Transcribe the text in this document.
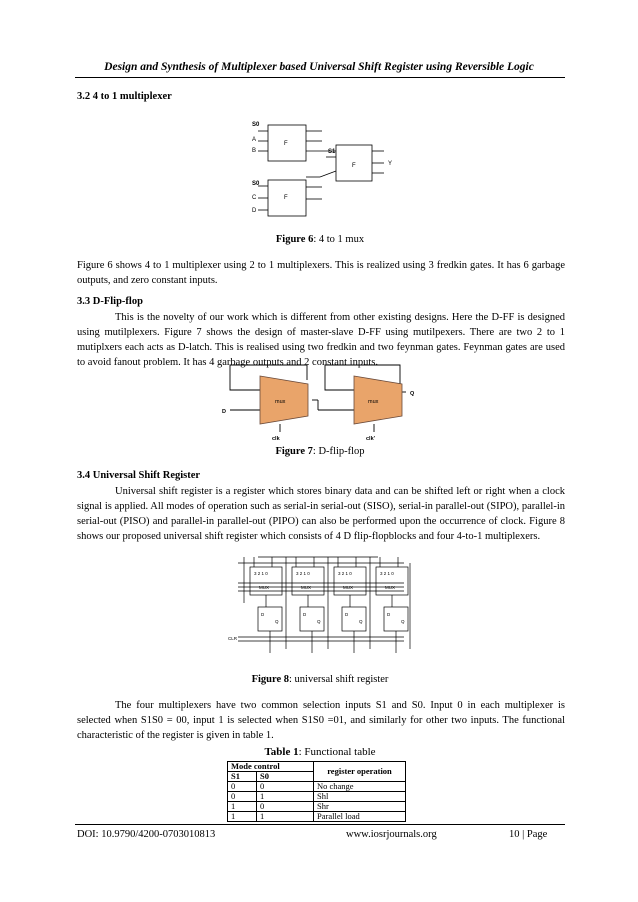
Design and Synthesis of Multiplexer based Universal Shift Register using Reversible Logic
3.2 4 to 1 multiplexer
S0
A
B
F
S1
F	Y
S0
C
D
F
Figure 6: 4 to 1 mux
Figure 6 shows 4 to 1 multiplexer using 2 to 1 multiplexers. This is realized using 3 fredkin gates. It has 6 garbage outputs, and zero constant inputs.
3.3 D-Flip-flop
This is the novelty of our work which is different from other existing designs. Here the D-FF is designed using mutilplexers. Figure 7 shows the design of master-slave D-FF using mutilpexers. There are two 2 to 1 mutiplxers each acts as D-latch. This is realised using two fredkin and two feynman gates. Feynman gates are used to avoid fanout problem. It has 4 garbage outputs and 2 constant inputs.
mux	mux
D
Q
clk	clk'
Figure 7: D-flip-flop
3.4 Universal Shift Register
Universal shift register is a register which stores binary data and can be shifted left or right when a clock signal is applied. All modes of operation such as serial-in serial-out (SISO), serial-in parallel-out (SIPO), parallel-in serial-out (PISO) and parallel-in parallel-out (PIPO) can also be performed upon the occurrence of clock. Figure 8 shows our proposed universal shift register which consists of 4 D flip-flopblocks and four 4-to-1 multiplexers.
3 2 1 0	3 2 1 0	3 2 1 0	3 2 1 0
MUX	MUX	MUX	MUX
D
Q
D
Q
D
Q
D
Q
CLR
Figure 8: universal shift register
The four multiplexers have two common selection inputs S1 and S0. Input 0 in each multiplexer is selected when S1S0 = 00, input 1 is selected when S1S0 =01, and similarly for other two inputs. The functional characteristic of the register is given in table 1.
Table 1: Functional table
Mode control		register operation
S1	S0	
0	0	No change
0	1	Shl
1	0	Shr
1	1	Parallel load
DOI: 10.9790/4200-0703010813	www.iosrjournals.org	10 | Page
